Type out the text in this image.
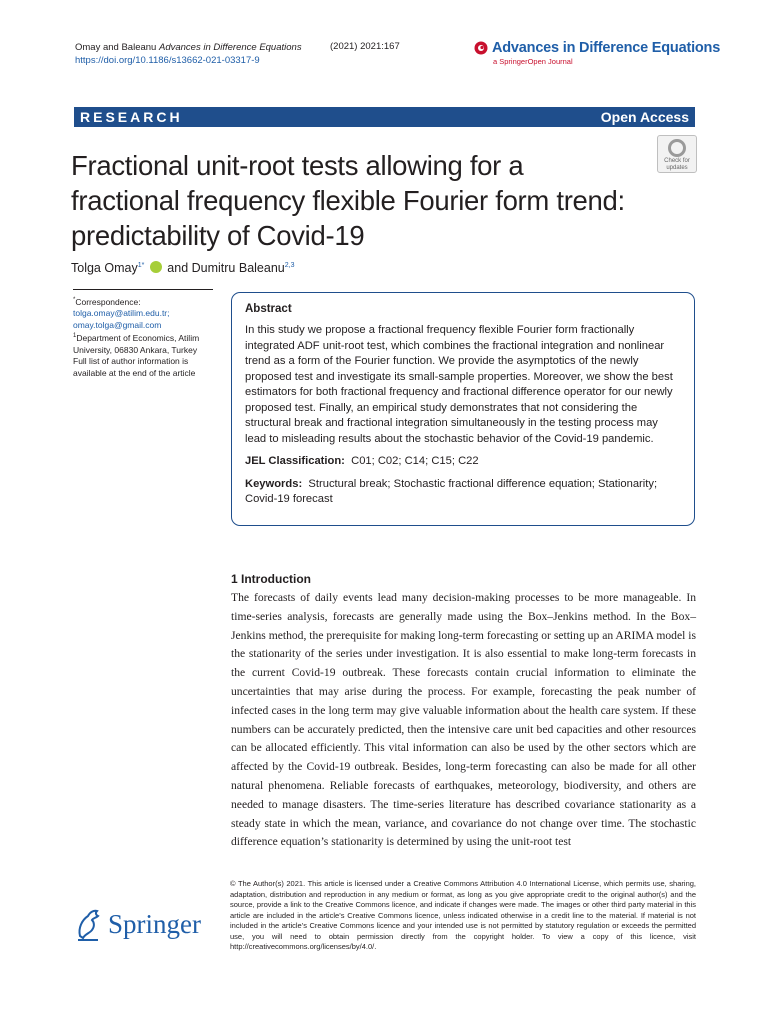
Omay and Baleanu Advances in Difference Equations
https://doi.org/10.1186/s13662-021-03317-9
(2021) 2021:167	Advances in Difference Equations
a SpringerOpen Journal
RESEARCH	Open Access
Fractional unit-root tests allowing for a fractional frequency flexible Fourier form trend: predictability of Covid-19
Check for updates
Tolga Omay$^{1*}$ and Dumitru Baleanu$^{2,3}$
*Correspondence:
tolga.omay@atilim.edu.tr;
omay.tolga@gmail.com
$^1$Department of Economics, Atilim University, 06830 Ankara, Turkey
Full list of author information is available at the end of the article
Abstract

In this study we propose a fractional frequency flexible Fourier form fractionally integrated ADF unit-root test, which combines the fractional integration and nonlinear trend as a form of the Fourier function. We provide the asymptotics of the newly proposed test and investigate its small-sample properties. Moreover, we show the best estimators for both fractional frequency and fractional difference operator for our newly proposed test. Finally, an empirical study demonstrates that not considering the structural break and fractional integration simultaneously in the testing process may lead to misleading results about the stochastic behavior of the Covid-19 pandemic.

JEL Classification: C01; C02; C14; C15; C22

Keywords: Structural break; Stochastic fractional difference equation; Stationarity; Covid-19 forecast

1 Introduction
The forecasts of daily events lead many decision-making processes to be more manageable. In time-series analysis, forecasts are generally made using the Box–Jenkins method. In the Box–Jenkins method, the prerequisite for making long-term forecasting or setting up an ARIMA model is the stationarity of the series under investigation. It is also essential to make long-term forecasts in the current Covid-19 outbreak. These forecasts contain crucial information to eliminate the uncertainties that may arise during the process. For example, forecasting the peak number of infected cases in the long term may give valuable information about the health care system. If these numbers can be accurately predicted, then the intensive care unit bed capacities and other resources can be allocated efficiently. This vital information can also be used by the other sectors which are affected by the Covid-19 outbreak. Besides, long-term forecasting can also be made for all other natural phenomena. Reliable forecasts of earthquakes, meteorology, biodiversity, and others are needed to manage disasters. The time-series literature has described covariance stationarity as a steady state in which the mean, variance, and covariance do not change over time. The stochastic difference equation’s stationarity is determined by using the unit-root test
Springer
© The Author(s) 2021. This article is licensed under a Creative Commons Attribution 4.0 International License, which permits use, sharing, adaptation, distribution and reproduction in any medium or format, as long as you give appropriate credit to the original author(s) and the source, provide a link to the Creative Commons licence, and indicate if changes were made. The images or other third party material in this article are included in the article’s Creative Commons licence, unless indicated otherwise in a credit line to the material. If material is not included in the article’s Creative Commons licence and your intended use is not permitted by statutory regulation or exceeds the permitted use, you will need to obtain permission directly from the copyright holder. To view a copy of this licence, visit http://creativecommons.org/licenses/by/4.0/.
